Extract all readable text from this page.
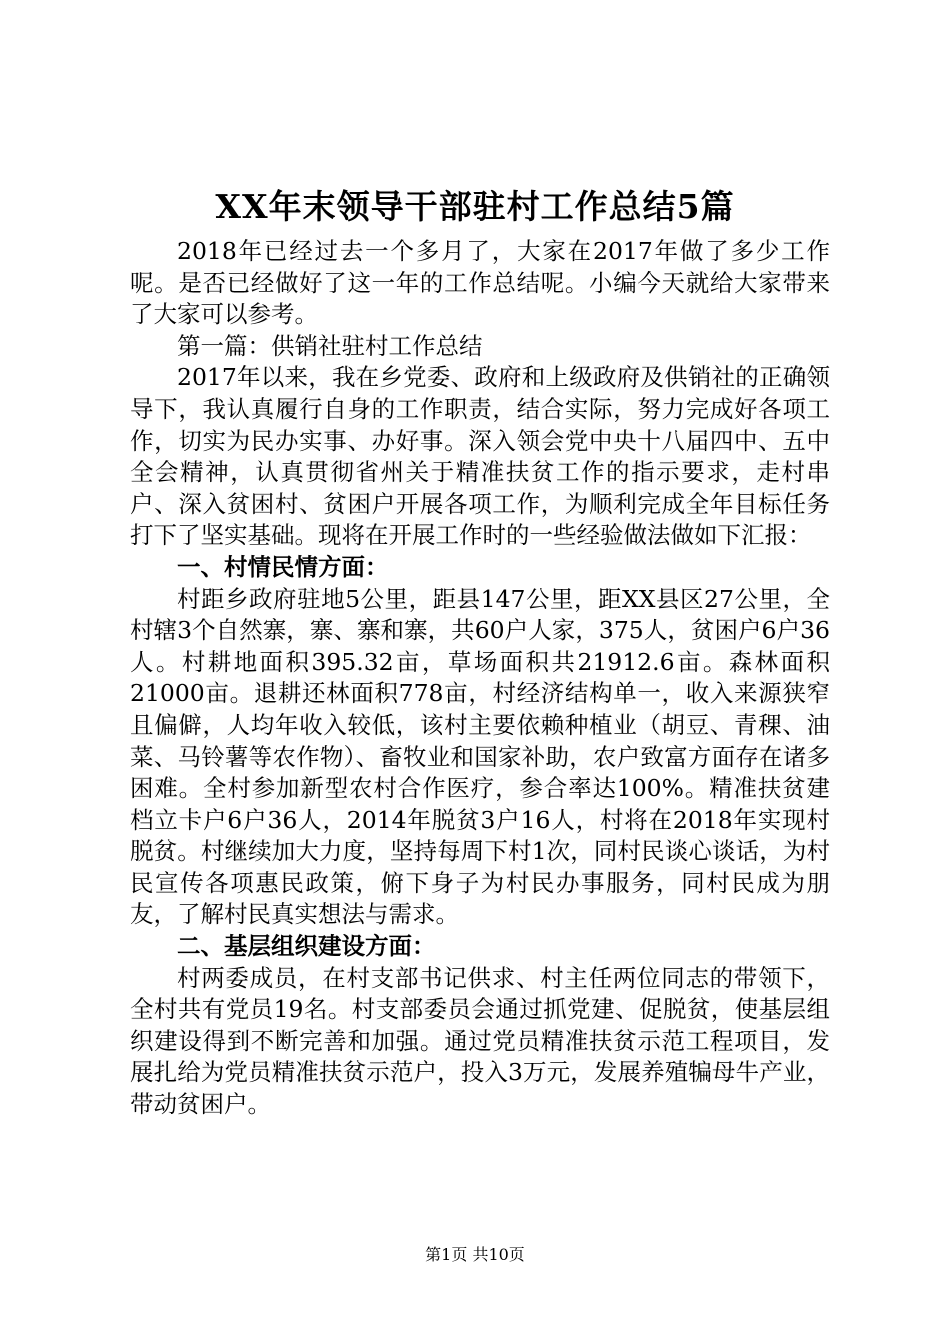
XX年末领导干部驻村工作总结5篇

2018年已经过去一个多月了，大家在2017年做了多少工作呢。是否已经做好了这一年的工作总结呢。小编今天就给大家带来了大家可以参考。

第一篇：供销社驻村工作总结

2017年以来，我在乡党委、政府和上级政府及供销社的正确领导下，我认真履行自身的工作职责，结合实际，努力完成好各项工作，切实为民办实事、办好事。深入领会党中央十八届四中、五中全会精神，认真贯彻省州关于精准扶贫工作的指示要求，走村串户、深入贫困村、贫困户开展各项工作，为顺利完成全年目标任务打下了坚实基础。现将在开展工作时的一些经验做法做如下汇报：

一、村情民情方面：

村距乡政府驻地5公里，距县147公里，距XX县区27公里，全村辖3个自然寨，寨、寨和寨，共60户人家，375人，贫困户6户36人。村耕地面积395.32亩，草场面积共21912.6亩。森林面积21000亩。退耕还林面积778亩，村经济结构单一，收入来源狭窄且偏僻，人均年收入较低，该村主要依赖种植业（胡豆、青稞、油菜、马铃薯等农作物）、畜牧业和国家补助，农户致富方面存在诸多困难。全村参加新型农村合作医疗，参合率达100%。精准扶贫建档立卡户6户36人，2014年脱贫3户16人，村将在2018年实现村脱贫。村继续加大力度，坚持每周下村1次，同村民谈心谈话，为村民宣传各项惠民政策，俯下身子为村民办事服务，同村民成为朋友，了解村民真实想法与需求。

二、基层组织建设方面：

村两委成员，在村支部书记供求、村主任两位同志的带领下，全村共有党员19名。村支部委员会通过抓党建、促脱贫，使基层组织建设得到不断完善和加强。通过党员精准扶贫示范工程项目，发展扎给为党员精准扶贫示范户，投入3万元，发展养殖犏母牛产业，带动贫困户。

第1页 共10页
